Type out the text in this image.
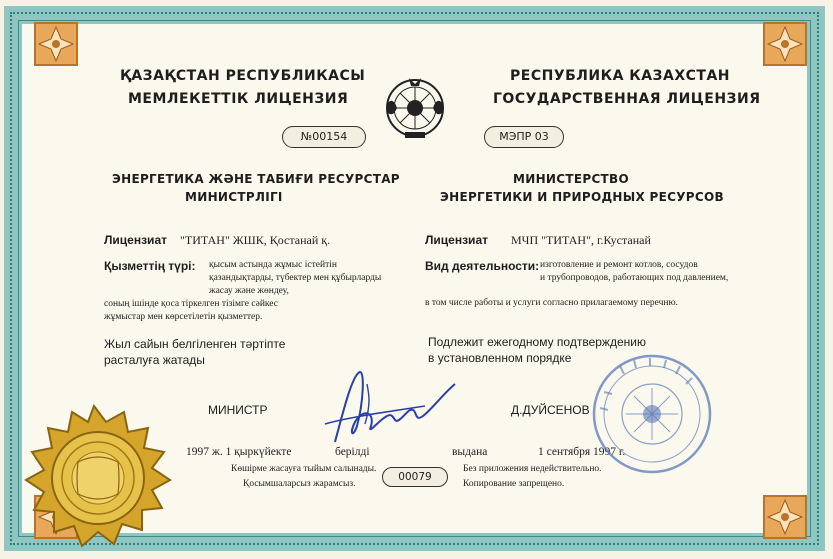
ҚАЗАҚСТАН РЕСПУБЛИКАСЫ
МЕМЛЕКЕТТІК ЛИЦЕНЗИЯ
РЕСПУБЛИКА КАЗАХСТАН
ГОСУДАРСТВЕННАЯ ЛИЦЕНЗИЯ
№00154	МЭПР 03
ЭНЕРГЕТИКА ЖӘНЕ ТАБИҒИ РЕСУРСТАР
МИНИСТРЛІГІ
МИНИСТЕРСТВО
ЭНЕРГЕТИКИ И ПРИРОДНЫХ РЕСУРСОВ
Лицензиат "ТИТАН" ЖШК, Қостанай қ.	Лицензиат МЧП "ТИТАН", г.Кустанай
Қызметтің түрі: қысым астында жұмыс істейтін
қазандықтарды, түбектер мен құбырларды
жасау және жөндеу,
соның ішінде қоса тіркелген тізімге сәйкес
жұмыстар мен көрсетілетін қызметтер.
Вид деятельности: изготовление и ремонт котлов, сосудов
и трубопроводов, работающих под давлением,
в том числе работы и услуги согласно прилагаемому перечню.
Жыл сайын белгіленген тәртіпте
расталуға жатады
Подлежит ежегодному подтверждению
в установленном порядке
МИНИСТР	Д.ДУЙСЕНОВ
1997 ж. 1 қыркүйекте	берілді
Көшірме жасауға тыйым салынады.
Қосымшаларсыз жарамсыз.
00079
выдана	1 сентября 1997 г.
Без приложения недействительно.
Копирование запрещено.
